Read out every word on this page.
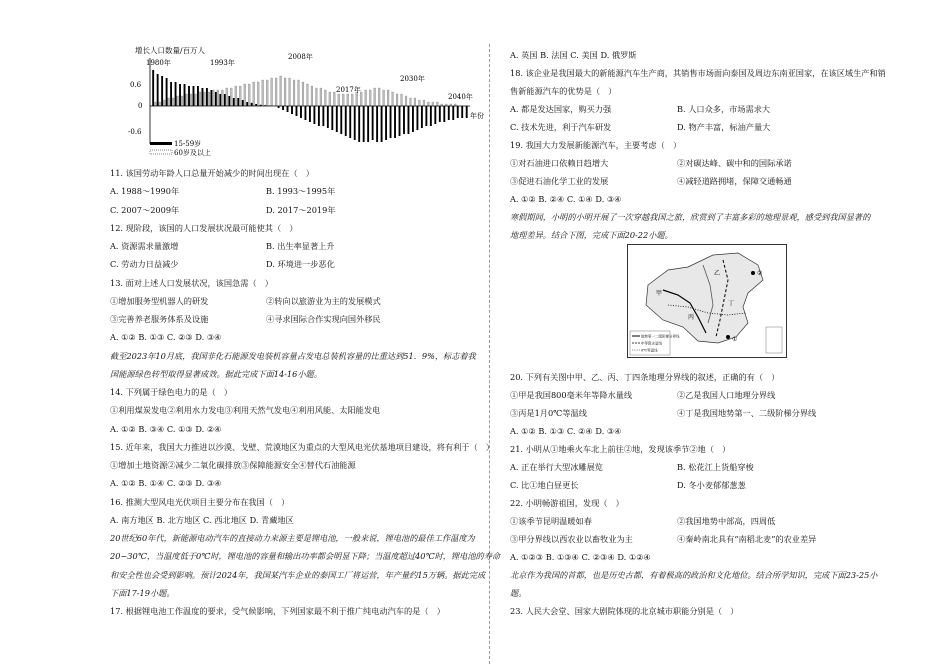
增长人口数量/百万人
年份
0.6
0
-0.6
1980年	1993年
2008年
2017年
2030年
2040年
15-59岁
60岁及以上
甲
乙
丙
丁
①
②
地势第一二级阶梯分界线
年等降水量线
0℃等温线
11. 该国劳动年龄人口总量开始减少的时间出现在（　）
A. 1988～1990年	B. 1993～1995年
C. 2007～2009年	D. 2017～2019年
12. 现阶段，该国的人口发展状况最可能使其（　）
A. 资源需求量激增	B. 出生率显著上升
C. 劳动力日益减少	D. 环境进一步恶化
13. 面对上述人口发展状况，该国急需（　）
①增加服务型机器人的研发	②转向以旅游业为主的发展模式
③完善养老服务体系及设施	④寻求国际合作实现向国外移民
A. ①② B. ①③ C. ②③ D. ③④
截至2023年10月底，我国非化石能源发电装机容量占发电总装机容量的比重达到51．9%，标志着我
国能源绿色转型取得显著成效。据此完成下面14-16小题。
14. 下列属于绿色电力的是（　）
①利用煤炭发电②利用水力发电③利用天然气发电④利用风能、太阳能发电
A. ①② B. ③④ C. ①③ D. ②④
15. 近年来，我国大力推进以沙漠、戈壁、荒漠地区为重点的大型风电光伏基地项目建设，将有利于（　）
①增加土地资源②减少二氧化碳排放③保障能源安全④替代石油能源
A. ①② B. ①④ C. ②③ D. ③④
16. 推测大型风电光伏项目主要分布在我国（　）
A. 南方地区 B. 北方地区 C. 西北地区 D. 青藏地区
20世纪60年代，新能源电动汽车的直接动力来源主要是锂电池，一般来说，锂电池的最佳工作温度为
20~30℃，当温度低于0℃时，锂电池的容量和输出功率都会明显下降；当温度超过40℃时，锂电池的寿命
和安全性也会受到影响。预计2024年，我国某汽车企业的泰国工厂将运营，年产量约15万辆。据此完成
下面17-19小题。
17. 根据锂电池工作温度的要求，受气候影响，下列国家最不利于推广纯电动汽车的是（　）
A. 英国 B. 法国 C. 美国 D. 俄罗斯
18. 该企业是我国最大的新能源汽车生产商，其销售市场面向泰国及周边东南亚国家，在该区域生产和销
售新能源汽车的优势是（　）
A. 都是发达国家，购买力强	B. 人口众多，市场需求大
C. 技术先进，利于汽车研发	D. 物产丰富，标油产量大
19. 我国大力发展新能源汽车，主要考虑（　）
①对石油进口依赖日趋增大	②对碳达峰、碳中和的国际承诺
③促进石油化学工业的发展	④减轻道路拥堵，保障交通畅通
A. ①② B. ②④ C. ①④ D. ③④
寒假期间，小明的小明开展了一次穿越我国之旅，欣赏到了丰富多彩的地理景观，感受到我国显著的
地理差异。结合下图，完成下面20-22小题。
20. 下列有关图中甲、乙、丙、丁四条地理分界线的叙述，正确的有（　）
①甲是我国800毫米年等降水量线	②乙是我国人口地理分界线
③丙是1月0℃等温线	④丁是我国地势第一、二级阶梯分界线
A. ①② B. ①③ C. ②④ D. ③④
21. 小明从①地乘火车北上前往②地，发现该季节②地（　）
A. 正在举行大型冰雕展览	B. 松花江上货船穿梭
C. 比①地白昼更长	D. 冬小麦郁郁葱葱
22. 小明畅游祖国，发现（　）
①该季节昆明温暖如春	②我国地势中部高，四周低
③甲分界线以西农业以畜牧业为主	④秦岭南北具有“南稻北麦”的农业差异
A. ①②③ B. ①③④ C. ②③④ D. ①②④
北京作为我国的首都，也是历史古都，有着极高的政治和文化地位。结合所学知识，完成下面23-25小
题。
23. 人民大会堂、国家大剧院体现的北京城市职能分别是（　）
